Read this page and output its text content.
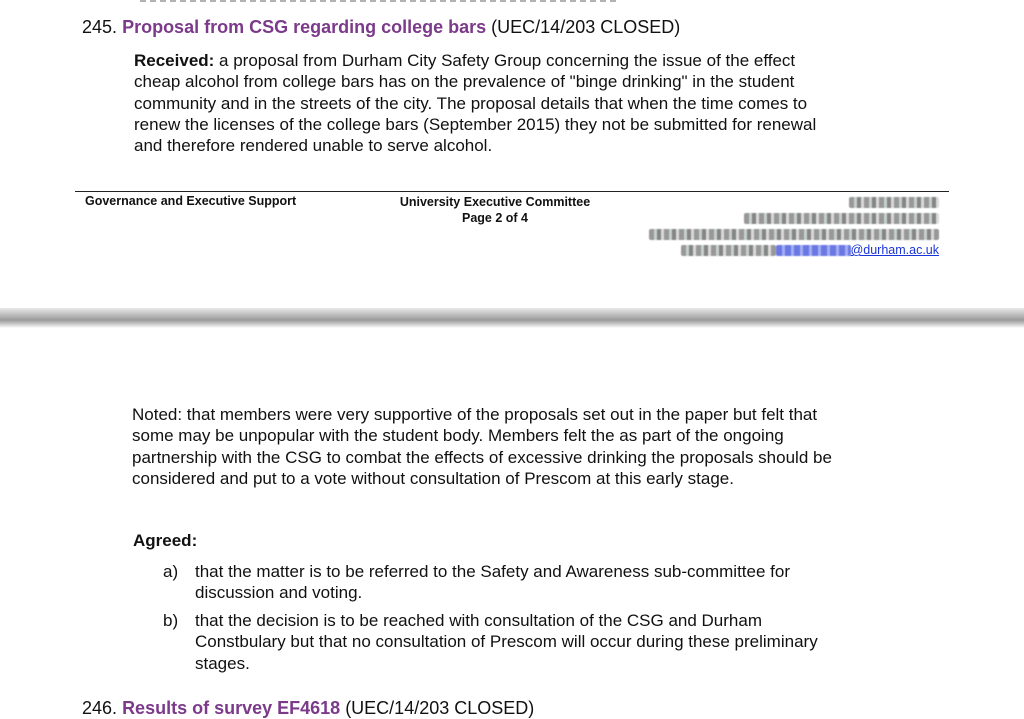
245. Proposal from CSG regarding college bars (UEC/14/203 CLOSED)
Received: a proposal from Durham City Safety Group concerning the issue of the effect cheap alcohol from college bars has on the prevalence of "binge drinking" in the student community and in the streets of the city. The proposal details that when the time comes to renew the licenses of the college bars (September 2015) they not be submitted for renewal and therefore rendered unable to serve alcohol.
Governance and Executive Support	University Executive Committee
Page 2 of 4
@durham.ac.uk
Noted: that members were very supportive of the proposals set out in the paper but felt that some may be unpopular with the student body. Members felt the as part of the ongoing partnership with the CSG to combat the effects of excessive drinking the proposals should be considered and put to a vote without consultation of Prescom at this early stage.
Agreed:
a) that the matter is to be referred to the Safety and Awareness sub-committee for discussion and voting.
b) that the decision is to be reached with consultation of the CSG and Durham Constbulary but that no consultation of Prescom will occur during these preliminary stages.
246. Results of survey EF4618 (UEC/14/203 CLOSED)
